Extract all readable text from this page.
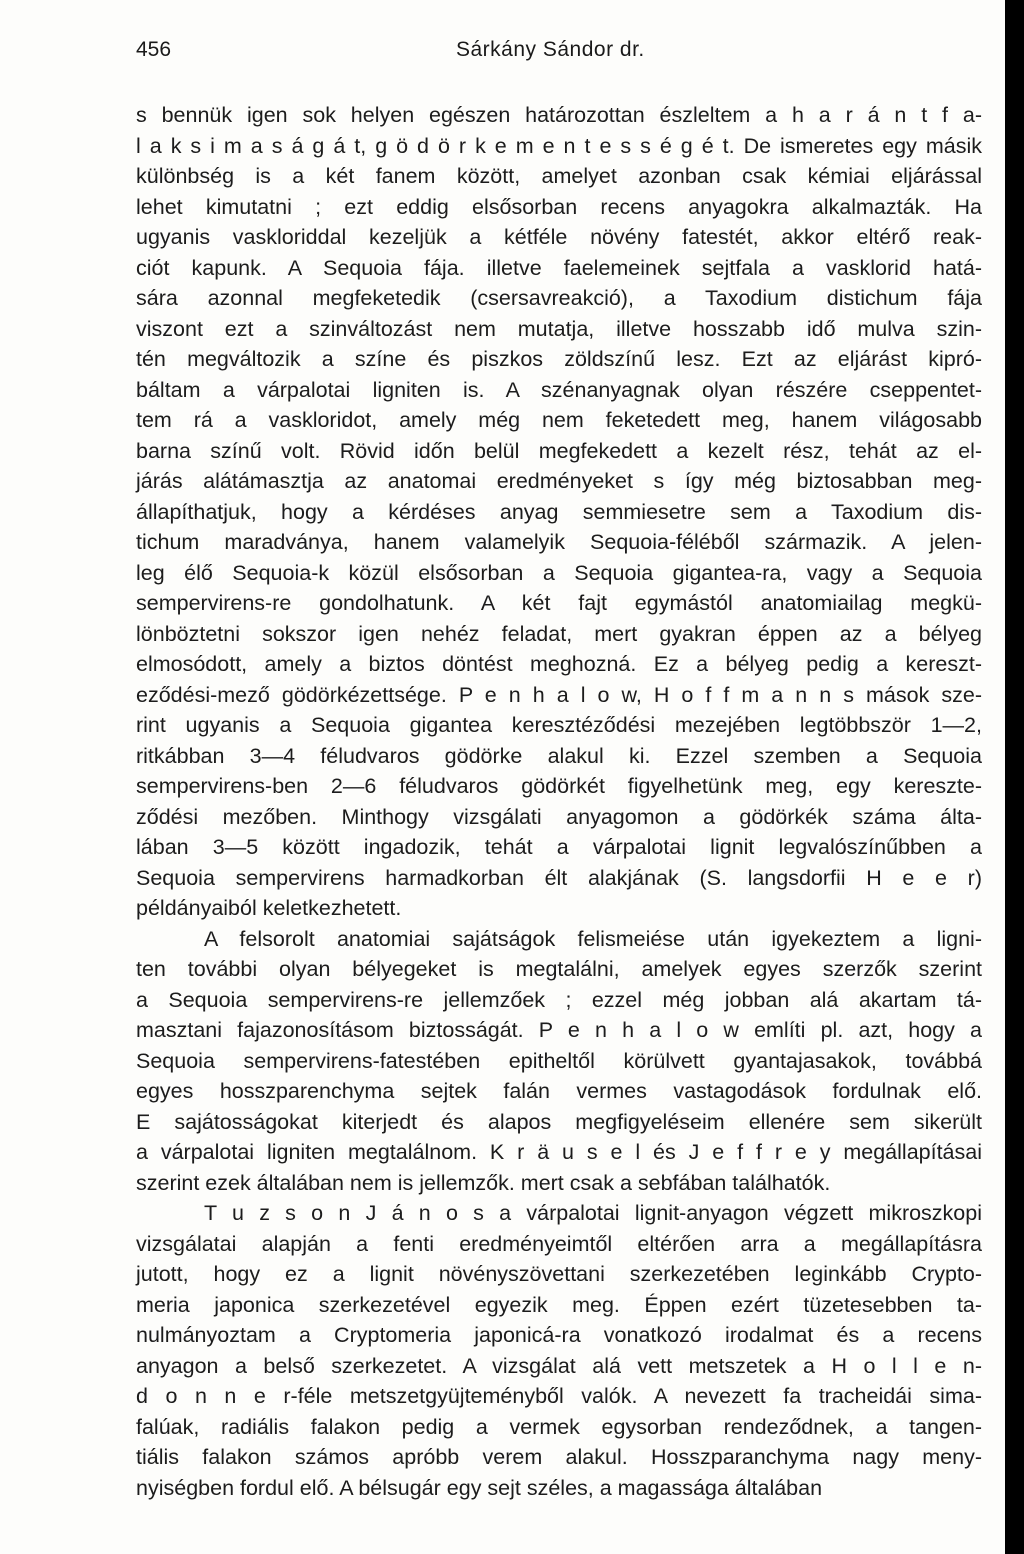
456	Sárkány Sándor dr.
s bennük igen sok helyen egészen határozottan észleltem a h a r á n t f a-
l a k s i m a s á g á t, g ö d ö r k e m e n t e s s é g é t. De ismeretes egy másik
különbség is a két fanem között, amelyet azonban csak kémiai eljárással
lehet kimutatni ; ezt eddig elsősorban recens anyagokra alkalmazták. Ha
ugyanis vaskloriddal kezeljük a kétféle növény fatestét, akkor eltérő reak-
ciót kapunk. A Sequoia fája. illetve faelemeinek sejtfala a vasklorid hatá-
sára azonnal megfeketedik (csersavreakció), a Taxodium distichum fája
viszont ezt a szinváltozást nem mutatja, illetve hosszabb idő mulva szin-
tén megváltozik a színe és piszkos zöldszínű lesz. Ezt az eljárást kipró-
báltam a várpalotai ligniten is. A szénanyagnak olyan részére cseppentet-
tem rá a vaskloridot, amely még nem feketedett meg, hanem világosabb
barna színű volt. Rövid időn belül megfekedett a kezelt rész, tehát az el-
járás alátámasztja az anatomai eredményeket s így még biztosabban meg-
állapíthatjuk, hogy a kérdéses anyag semmiesetre sem a Taxodium dis-
tichum maradványa, hanem valamelyik Sequoia-féléből származik. A jelen-
leg élő Sequoia-k közül elsősorban a Sequoia gigantea-ra, vagy a Sequoia
sempervirens-re gondolhatunk. A két fajt egymástól anatomiailag megkü-
lönböztetni sokszor igen nehéz feladat, mert gyakran éppen az a bélyeg
elmosódott, amely a biztos döntést meghozná. Ez a bélyeg pedig a kereszt-
eződési-mező gödörkézettsége. P e n h a l o w, H o f f m a n n s mások sze-
rint ugyanis a Sequoia gigantea keresztéződési mezejében legtöbbször 1—2,
ritkábban 3—4 féludvaros gödörke alakul ki. Ezzel szemben a Sequoia
sempervirens-ben 2—6 féludvaros gödörkét figyelhetünk meg, egy kereszte-
ződési mezőben. Minthogy vizsgálati anyagomon a gödörkék száma álta-
lában 3—5 között ingadozik, tehát a várpalotai lignit legvalószínűbben a
Sequoia sempervirens harmadkorban élt alakjának (S. langsdorfii H e e r)
példányaiból keletkezhetett.
A felsorolt anatomiai sajátságok felismeiése után igyekeztem a ligni-
ten további olyan bélyegeket is megtalálni, amelyek egyes szerzők szerint
a Sequoia sempervirens-re jellemzőek ; ezzel még jobban alá akartam tá-
masztani fajazonosításom biztosságát. P e n h a l o w említi pl. azt, hogy a
Sequoia sempervirens-fatestében epitheltől körülvett gyantajasakok, továbbá
egyes hosszparenchyma sejtek falán vermes vastagodások fordulnak elő.
E sajátosságokat kiterjedt és alapos megfigyeléseim ellenére sem sikerült
a várpalotai ligniten megtalálnom. K r ä u s e l és J e f f r e y megállapításai
szerint ezek általában nem is jellemzők. mert csak a sebfában találhatók.
T u z s o n J á n o s a várpalotai lignit-anyagon végzett mikroszkopi
vizsgálatai alapján a fenti eredményeimtől eltérően arra a megállapításra
jutott, hogy ez a lignit növényszövettani szerkezetében leginkább Crypto-
meria japonica szerkezetével egyezik meg. Éppen ezért tüzetesebben ta-
nulmányoztam a Cryptomeria japonicá-ra vonatkozó irodalmat és a recens
anyagon a belső szerkezetet. A vizsgálat alá vett metszetek a H o l l e n-
d o n n e r-féle metszetgyüjteményből valók. A nevezett fa tracheidái sima-
falúak, radiális falakon pedig a vermek egysorban rendeződnek, a tangen-
tiális falakon számos apróbb verem alakul. Hosszparanchyma nagy meny-
nyiségben fordul elő. A bélsugár egy sejt széles, a magassága általában
